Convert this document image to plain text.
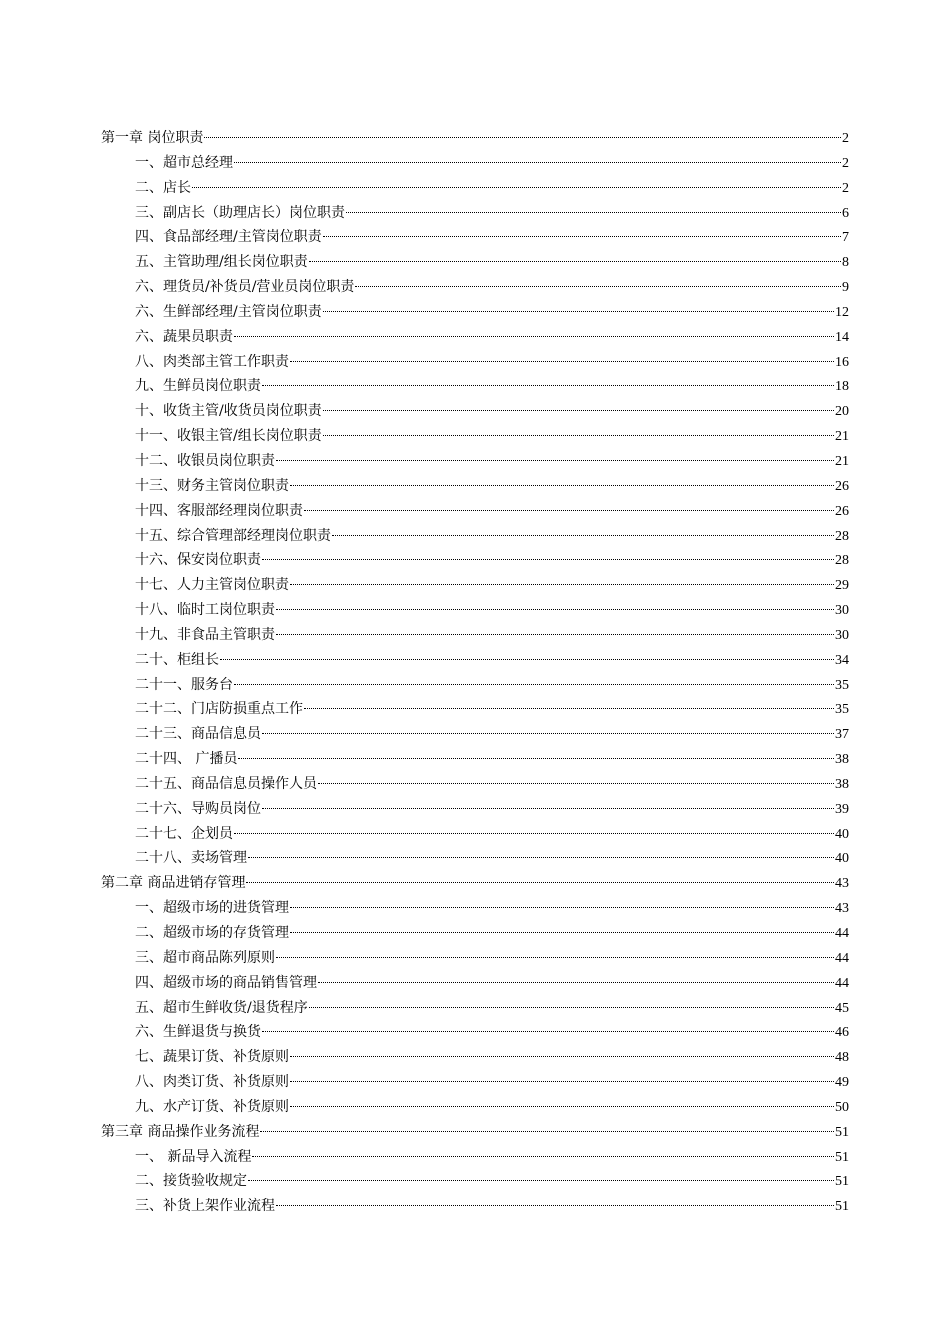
第一章 岗位职责	2
一、超市总经理	2
二、店长	2
三、副店长（助理店长）岗位职责	6
四、食品部经理/主管岗位职责	7
五、主管助理/组长岗位职责	8
六、理货员/补货员/营业员岗位职责	9
六、生鲜部经理/主管岗位职责	12
六、蔬果员职责	14
八、肉类部主管工作职责	16
九、生鲜员岗位职责	18
十、收货主管/收货员岗位职责	20
十一、收银主管/组长岗位职责	21
十二、收银员岗位职责	21
十三、财务主管岗位职责	26
十四、客服部经理岗位职责	26
十五、综合管理部经理岗位职责	28
十六、保安岗位职责	28
十七、人力主管岗位职责	29
十八、临时工岗位职责	30
十九、非食品主管职责	30
二十、柜组长	34
二十一、服务台	35
二十二、门店防损重点工作	35
二十三、商品信息员	37
二十四、 广播员	38
二十五、商品信息员操作人员	38
二十六、导购员岗位	39
二十七、企划员	40
二十八、卖场管理	40
第二章 商品进销存管理	43
一、超级市场的进货管理	43
二、超级市场的存货管理	44
三、超市商品陈列原则	44
四、超级市场的商品销售管理	44
五、超市生鲜收货/退货程序	45
六、生鲜退货与换货	46
七、蔬果订货、补货原则	48
八、肉类订货、补货原则	49
九、水产订货、补货原则	50
第三章 商品操作业务流程	51
一、 新品导入流程	51
二、接货验收规定	51
三、补货上架作业流程	51
